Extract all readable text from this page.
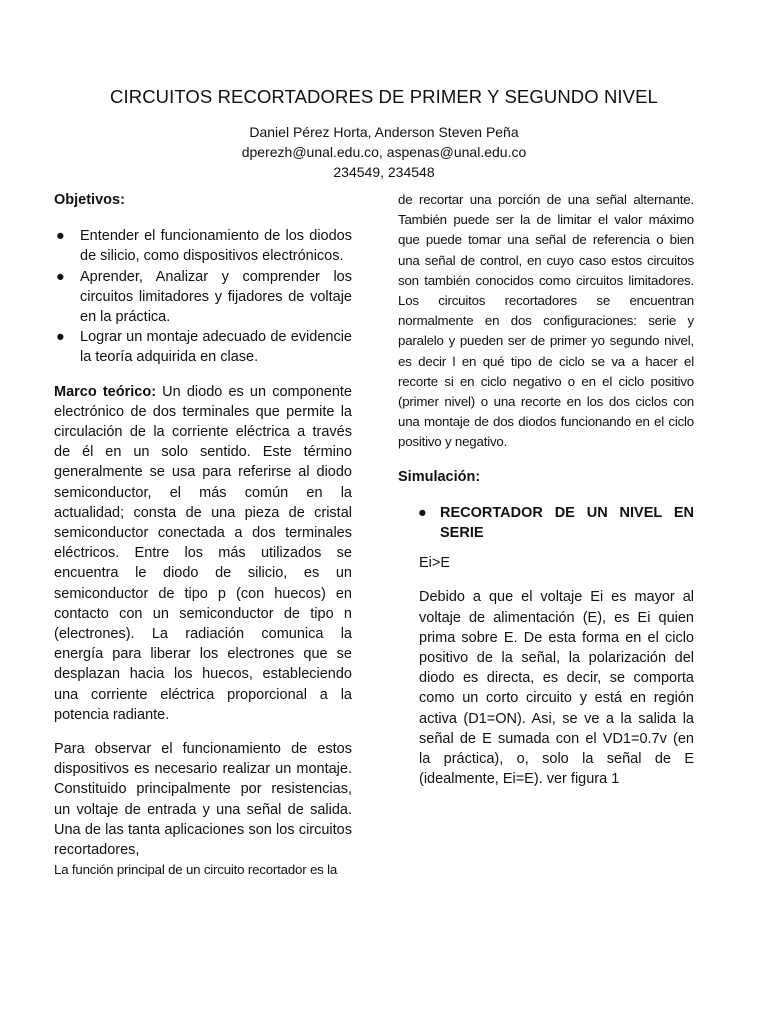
CIRCUITOS RECORTADORES DE PRIMER Y SEGUNDO NIVEL
Daniel Pérez Horta, Anderson Steven Peña
dperezh@unal.edu.co, aspenas@unal.edu.co
234549, 234548

Objetivos:

● Entender el funcionamiento de los diodos de silicio, como dispositivos electrónicos.
● Aprender, Analizar y comprender los circuitos limitadores y fijadores de voltaje en la práctica.
● Lograr un montaje adecuado de evidencie la teoría adquirida en clase.

Marco teórico: Un diodo es un componente electrónico de dos terminales que permite la circulación de la corriente eléctrica a través de él en un solo sentido. Este término generalmente se usa para referirse al diodo semiconductor, el más común en la actualidad; consta de una pieza de cristal semiconductor conectada a dos terminales eléctricos. Entre los más utilizados se encuentra le diodo de silicio, es un semiconductor de tipo p (con huecos) en contacto con un semiconductor de tipo n (electrones). La radiación comunica la energía para liberar los electrones que se desplazan hacia los huecos, estableciendo una corriente eléctrica proporcional a la potencia radiante.

Para observar el funcionamiento de estos dispositivos es necesario realizar un montaje. Constituido principalmente por resistencias, un voltaje de entrada y una señal de salida. Una de las tanta aplicaciones son los circuitos recortadores,

La función principal de un circuito recortador es la

de recortar una porción de una señal alternante. También puede ser la de limitar el valor máximo que puede tomar una señal de referencia o bien una señal de control, en cuyo caso estos circuitos son también conocidos como circuitos limitadores. Los circuitos recortadores se encuentran normalmente en dos configuraciones: serie y paralelo y pueden ser de primer yo segundo nivel, es decir l en qué tipo de ciclo se va a hacer el recorte si en ciclo negativo o en el ciclo positivo (primer nivel) o una recorte en los dos ciclos con una montaje de dos diodos funcionando en el ciclo positivo y negativo.

Simulación:

● RECORTADOR DE UN NIVEL EN SERIE

Ei>E

Debido a que el voltaje Ei es mayor al voltaje de alimentación (E), es Ei quien prima sobre E. De esta forma en el ciclo positivo de la señal, la polarización del diodo es directa, es decir, se comporta como un corto circuito y está en región activa (D1=ON). Asi, se ve a la salida la señal de E sumada con el VD1=0.7v (en la práctica), o, solo la señal de E (idealmente, Ei=E). ver figura 1
